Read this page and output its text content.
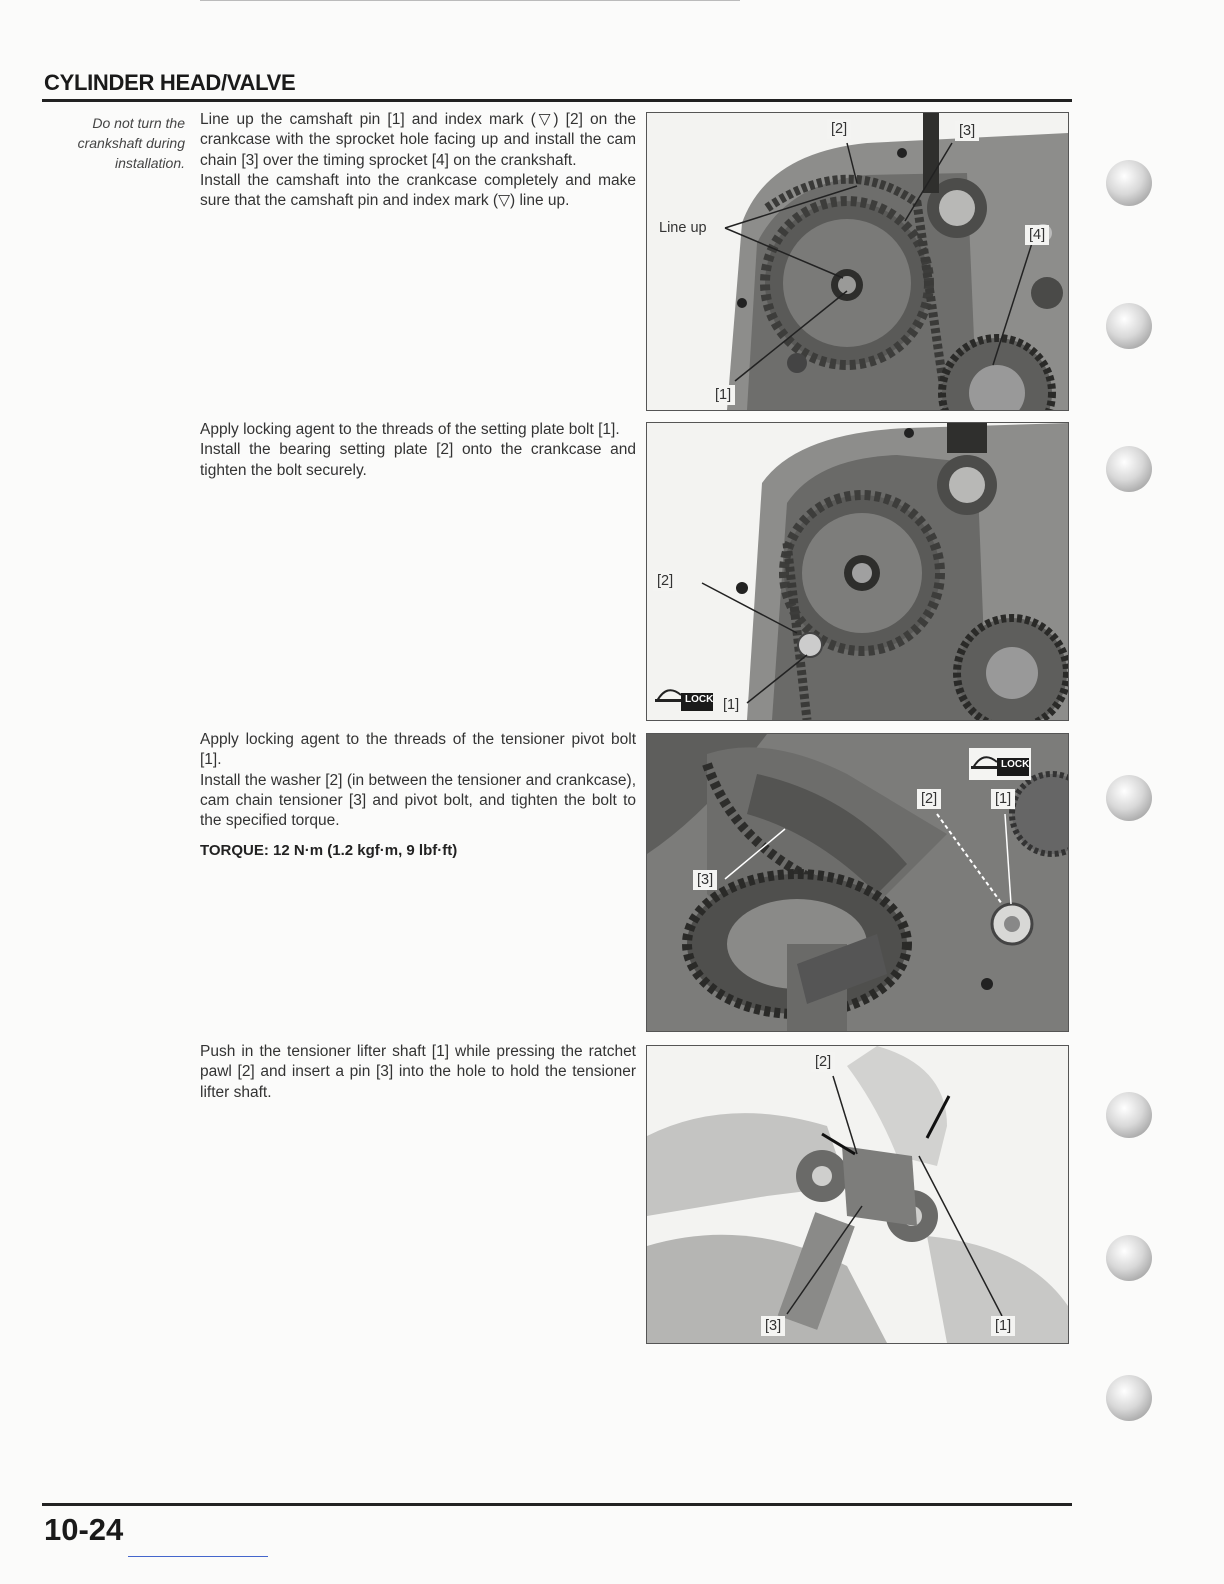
CYLINDER HEAD/VALVE
Do not turn the crankshaft during installation.

Line up the camshaft pin [1] and index mark (▽) [2] on the crankcase with the sprocket hole facing up and install the cam chain [3] over the timing sprocket [4] on the crankshaft.

Install the camshaft into the crankcase completely and make sure that the camshaft pin and index mark (▽) line up.

Apply locking agent to the threads of the setting plate bolt [1].

Install the bearing setting plate [2] onto the crankcase and tighten the bolt securely.

Apply locking agent to the threads of the tensioner pivot bolt [1].

Install the washer [2] (in between the tensioner and crankcase), cam chain tensioner [3] and pivot bolt, and tighten the bolt to the specified torque.

TORQUE: 12 N·m (1.2 kgf·m, 9 lbf·ft)

Push in the tensioner lifter shaft [1] while pressing the ratchet pawl [2] and insert a pin [3] into the hole to hold the tensioner lifter shaft.

[2]	[3]
Line up	[4]
[1]
[2]
LOCK [1]
[3]
[2]	[1]
LOCK
[2]
[3]	[1]
10-24
